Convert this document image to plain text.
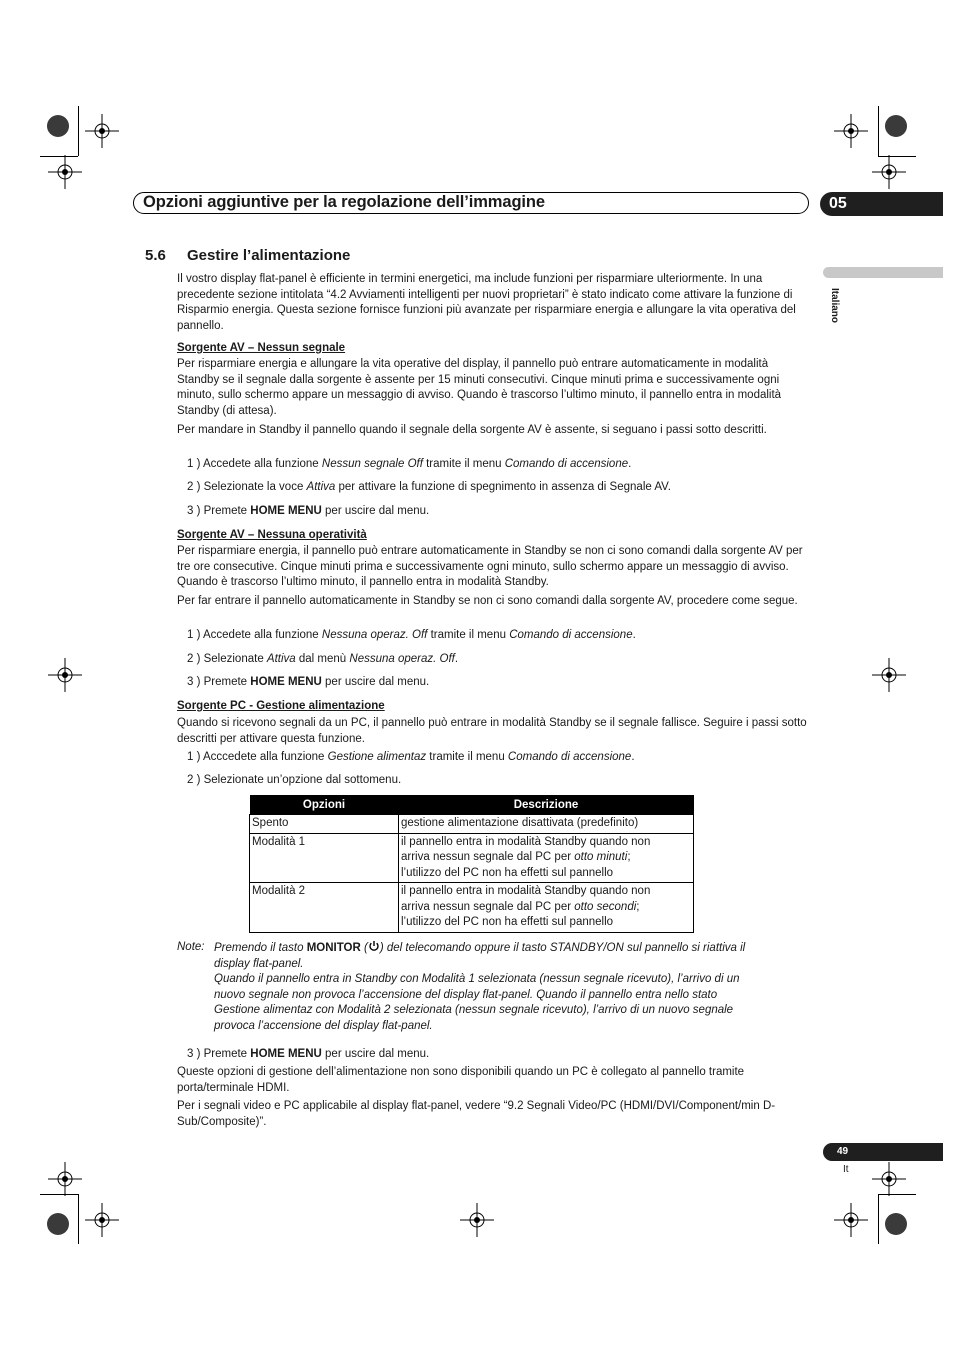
Opzioni aggiuntive per la regolazione dell’immagine	05
Italiano
5.6 Gestire l’alimentazione
Il vostro display flat-panel è efficiente in termini energetici, ma include funzioni per risparmiare ulteriormente. In una precedente sezione intitolata “4.2 Avviamenti intelligenti per nuovi proprietari” è stato indicato come attivare la funzione di Risparmio energia. Questa sezione fornisce funzioni più avanzate per risparmiare energia e allungare la vita operativa del pannello.
Sorgente AV – Nessun segnale
Per risparmiare energia e allungare la vita operative del display, il pannello può entrare automaticamente in modalità Standby se il segnale dalla sorgente è assente per 15 minuti consecutivi. Cinque minuti prima e successivamente ogni minuto, sullo schermo appare un messaggio di avviso. Quando è trascorso l’ultimo minuto, il pannello entra in modalità Standby (di attesa).
Per mandare in Standby il pannello quando il segnale della sorgente AV è assente, si seguano i passi sotto descritti.
1 ) Accedete alla funzione Nessun segnale Off tramite il menu Comando di accensione.
2 ) Selezionate la voce Attiva per attivare la funzione di spegnimento in assenza di Segnale AV.
3 ) Premete HOME MENU per uscire dal menu.
Sorgente AV – Nessuna operatività
Per risparmiare energia, il pannello può entrare automaticamente in Standby se non ci sono comandi dalla sorgente AV per tre ore consecutive. Cinque minuti prima e successivamente ogni minuto, sullo schermo appare un messaggio di avviso. Quando è trascorso l’ultimo minuto, il pannello entra in modalità Standby.
Per far entrare il pannello automaticamente in Standby se non ci sono comandi dalla sorgente AV, procedere come segue.
1 ) Accedete alla funzione Nessuna operaz. Off tramite il menu Comando di accensione.
2 ) Selezionate Attiva dal menù Nessuna operaz. Off.
3 ) Premete HOME MENU per uscire dal menu.
Sorgente PC - Gestione alimentazione
Quando si ricevono segnali da un PC, il pannello può entrare in modalità Standby se il segnale fallisce. Seguire i passi sotto descritti per attivare questa funzione.
1 ) Acccedete alla funzione Gestione alimentaz tramite il menu Comando di accensione.
2 ) Selezionate un’opzione dal sottomenu.
Opzioni	Descrizione
Spento	gestione alimentazione disattivata (predefinito)
Modalità 1	il pannello entra in modalità Standby quando non
arriva nessun segnale dal PC per otto minuti;
l’utilizzo del PC non ha effetti sul pannello
Modalità 2	il pannello entra in modalità Standby quando non
arriva nessun segnale dal PC per otto secondi;
l’utilizzo del PC non ha effetti sul pannello
Note: Premendo il tasto MONITOR ( ) del telecomando oppure il tasto STANDBY/ON sul pannello si riattiva il
display flat-panel.
Quando il pannello entra in Standby con Modalità 1 selezionata (nessun segnale ricevuto), l’arrivo di un
nuovo segnale non provoca l’accensione del display flat-panel. Quando il pannello entra nello stato
Gestione alimentaz con Modalità 2 selezionata (nessun segnale ricevuto), l’arrivo di un nuovo segnale
provoca l’accensione del display flat-panel.
3 ) Premete HOME MENU per uscire dal menu.
Queste opzioni di gestione dell’alimentazione non sono disponibili quando un PC è collegato al pannello tramite porta/terminale HDMI.
Per i segnali video e PC applicabile al display flat-panel, vedere “9.2 Segnali Video/PC (HDMI/DVI/Component/min D-Sub/Composite)”.
49
It
